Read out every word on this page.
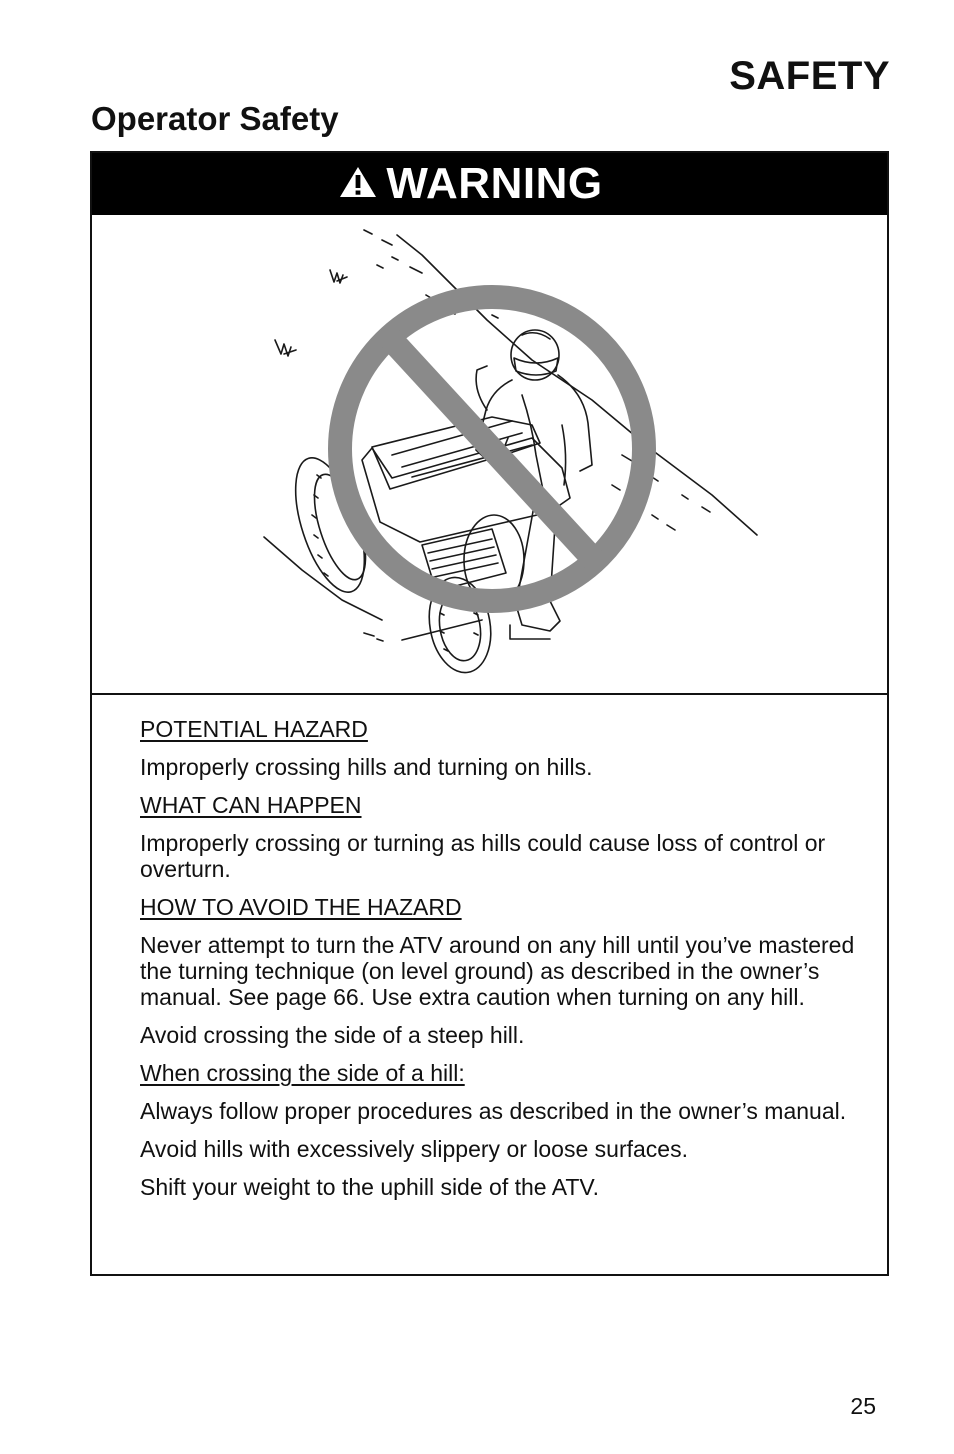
SAFETY
Operator Safety
WARNING

POTENTIAL HAZARD

Improperly crossing hills and turning on hills.

WHAT CAN HAPPEN

Improperly crossing or turning as hills could cause loss of control or overturn.

HOW TO AVOID THE HAZARD

Never attempt to turn the ATV around on any hill until you’ve mastered the turning technique (on level ground) as described in the owner’s manual. See page 66. Use extra caution when turning on any hill.

Avoid crossing the side of a steep hill.

When crossing the side of a hill:

Always follow proper procedures as described in the owner’s manual.

Avoid hills with excessively slippery or loose surfaces.

Shift your weight to the uphill side of the ATV.

25
